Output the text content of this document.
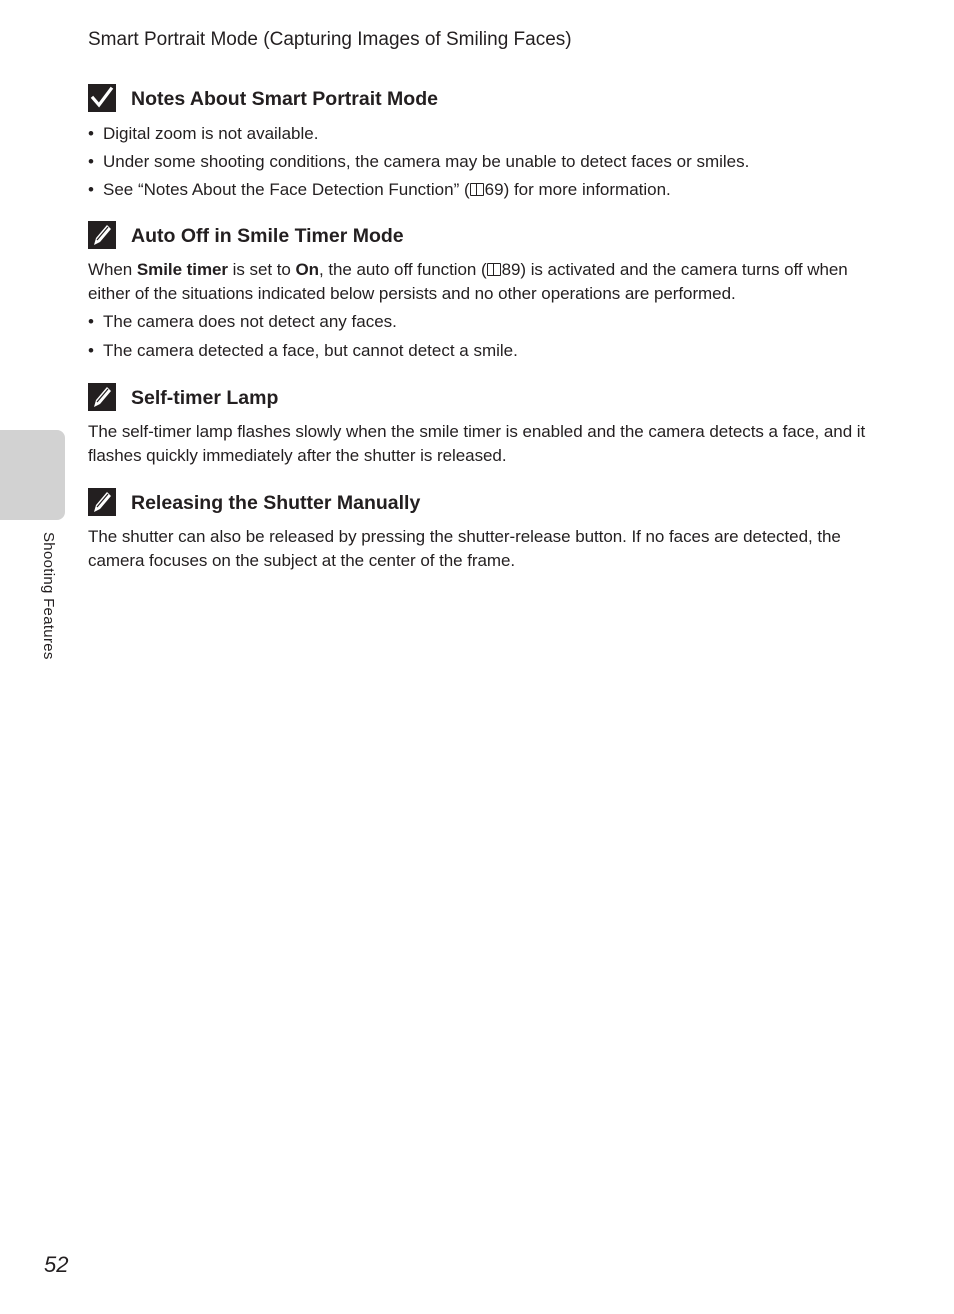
Smart Portrait Mode (Capturing Images of Smiling Faces)
Shooting Features
Notes About Smart Portrait Mode
• Digital zoom is not available.
• Under some shooting conditions, the camera may be unable to detect faces or smiles.
• See “Notes About the Face Detection Function” ( 69) for more information.
Auto Off in Smile Timer Mode

When Smile timer is set to On, the auto off function ( 89) is activated and the camera turns off when either of the situations indicated below persists and no other operations are performed.

• The camera does not detect any faces.
• The camera detected a face, but cannot detect a smile.
Self-timer Lamp

The self-timer lamp flashes slowly when the smile timer is enabled and the camera detects a face, and it flashes quickly immediately after the shutter is released.

Releasing the Shutter Manually

The shutter can also be released by pressing the shutter-release button. If no faces are detected, the camera focuses on the subject at the center of the frame.

52
